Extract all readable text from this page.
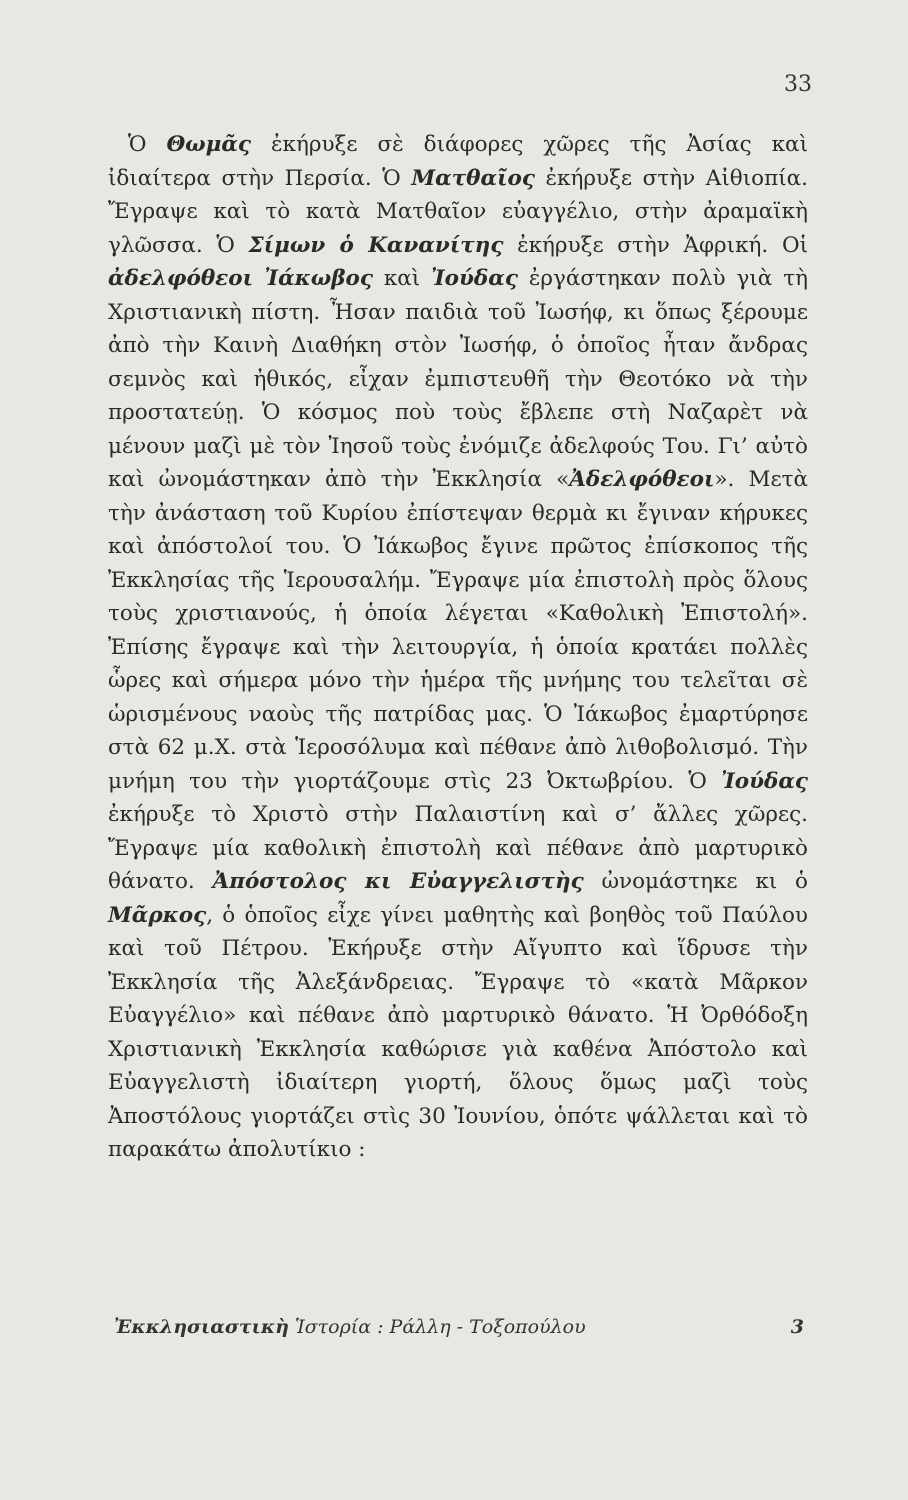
33
Ὁ Θωμᾶς ἐκήρυξε σὲ διάφορες χῶρες τῆς Ἀσίας καὶ ἰδιαίτερα στὴν Περσία. Ὁ Ματθαῖος ἐκήρυξε στὴν Αἰθιοπία. Ἔγραψε καὶ τὸ κατὰ Ματθαῖον εὐαγγέλιο, στὴν ἀραμαϊκὴ γλῶσσα. Ὁ Σίμων ὁ Κανανίτης ἐκήρυξε στὴν Ἀφρική. Οἱ ἀδελφόθεοι Ἰάκωβος καὶ Ἰούδας ἐργάστηκαν πολὺ γιὰ τὴ Χριστιανικὴ πίστη. Ἦσαν παιδιὰ τοῦ Ἰωσήφ, κι ὅπως ξέρουμε ἀπὸ τὴν Καινὴ Διαθήκη στὸν Ἰωσήφ, ὁ ὁποῖος ἦταν ἄνδρας σεμνὸς καὶ ἠθικός, εἶχαν ἐμπιστευθῆ τὴν Θεοτόκο νὰ τὴν προστατεύῃ. Ὁ κόσμος ποὺ τοὺς ἔβλεπε στὴ Ναζαρὲτ νὰ μένουν μαζὶ μὲ τὸν Ἰησοῦ τοὺς ἐνόμιζε ἀδελφούς Του. Γι’ αὐτὸ καὶ ὠνομάστηκαν ἀπὸ τὴν Ἐκκλησία «Ἀδελφόθεοι». Μετὰ τὴν ἀνάσταση τοῦ Κυρίου ἐπίστεψαν θερμὰ κι ἔγιναν κήρυκες καὶ ἀπόστολοί του. Ὁ Ἰάκωβος ἔγινε πρῶτος ἐπίσκοπος τῆς Ἐκκλησίας τῆς Ἱερουσαλήμ. Ἔγραψε μία ἐπιστολὴ πρὸς ὅλους τοὺς χριστιανούς, ἡ ὁποία λέγεται «Καθολικὴ Ἐπιστολή». Ἐπίσης ἔγραψε καὶ τὴν λειτουργία, ἡ ὁποία κρατάει πολλὲς ὧρες καὶ σήμερα μόνο τὴν ἡμέρα τῆς μνήμης του τελεῖται σὲ ὡρισμένους ναοὺς τῆς πατρίδας μας. Ὁ Ἰάκωβος ἐμαρτύρησε στὰ 62 μ.Χ. στὰ Ἱεροσόλυμα καὶ πέθανε ἀπὸ λιθοβολισμό. Τὴν μνήμη του τὴν γιορτάζουμε στὶς 23 Ὀκτωβρίου. Ὁ Ἰούδας ἐκήρυξε τὸ Χριστὸ στὴν Παλαιστίνη καὶ σ’ ἄλλες χῶρες. Ἔγραψε μία καθολικὴ ἐπιστολὴ καὶ πέθανε ἀπὸ μαρτυρικὸ θάνατο. Ἀπόστολος κι Εὐαγγελιστὴς ὠνομάστηκε κι ὁ Μᾶρκος, ὁ ὁποῖος εἶχε γίνει μαθητὴς καὶ βοηθὸς τοῦ Παύλου καὶ τοῦ Πέτρου. Ἐκήρυξε στὴν Αἴγυπτο καὶ ἵδρυσε τὴν Ἐκκλησία τῆς Ἀλεξάνδρειας. Ἔγραψε τὸ «κατὰ Μᾶρκον Εὐαγγέλιο» καὶ πέθανε ἀπὸ μαρτυρικὸ θάνατο. Ἡ Ὀρθόδοξη Χριστιανικὴ Ἐκκλησία καθώρισε γιὰ καθένα Ἀπόστολο καὶ Εὐαγγελιστὴ ἰδιαίτερη γιορτή, ὅλους ὅμως μαζὶ τοὺς Ἀποστόλους γιορτάζει στὶς 30 Ἰουνίου, ὁπότε ψάλλεται καὶ τὸ παρακάτω ἀπολυτίκιο :
Ἐκκλησιαστικὴ Ἱστορία : Ράλλη - Τοξοπούλου	3
